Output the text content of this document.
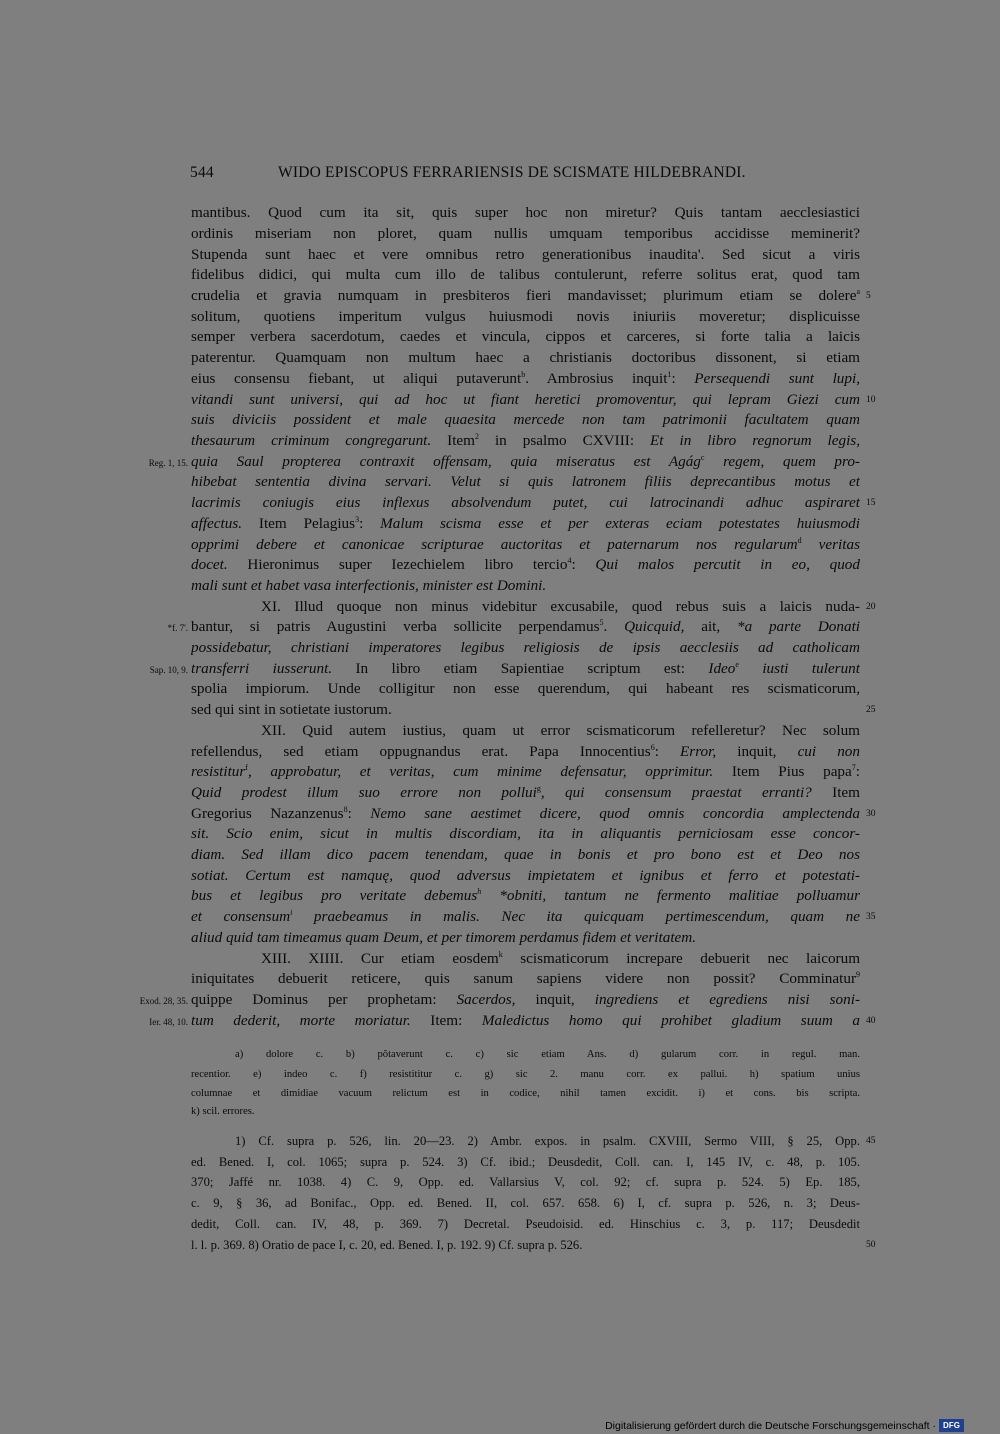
544	WIDO EPISCOPUS FERRARIENSIS DE SCISMATE HILDEBRANDI.
mantibus. Quod cum ita sit, quis super hoc non miretur? Quis tantam aecclesiastici
ordinis miseriam non ploret, quam nullis umquam temporibus accidisse meminerit?
Stupenda sunt haec et vere omnibus retro generationibus inaudita'. Sed sicut a viris
fidelibus didici, qui multa cum illo de talibus contulerunt, referre solitus erat, quod tam
crudelia et gravia numquam in presbiteros fieri mandavisset; plurimum etiam se dolere$^a$
solitum, quotiens imperitum vulgus huiusmodi novis iniuriis moveretur; displicuisse
semper verbera sacerdotum, caedes et vincula, cippos et carceres, si forte talia a laicis
paterentur. Quamquam non multum haec a christianis doctoribus dissonent, si etiam
eius consensu fiebant, ut aliqui putaverunt$^b$. Ambrosius inquit$^1$: Persequendi sunt lupi,
vitandi sunt universi, qui ad hoc ut fiant heretici promoventur, qui lepram Giezi cum
suis diviciis possident et male quaesita mercede non tam patrimonii facultatem quam
thesaurum criminum congregarunt. Item$^2$ in psalmo CXVIII: Et in libro regnorum legis,
quia Saul propterea contraxit offensam, quia miseratus est Agág$^c$ regem, quem pro-
hibebat sententia divina servari. Velut si quis latronem filiis deprecantibus motus et
lacrimis coniugis eius inflexus absolvendum putet, cui latrocinandi adhuc aspiraret
affectus. Item Pelagius$^3$: Malum scisma esse et per exteras eciam potestates huiusmodi
opprimi debere et canonicae scripturae auctoritas et paternarum nos regularum$^d$ veritas
docet. Hieronimus super Iezechielem libro tercio$^4$: Qui malos percutit in eo, quod
mali sunt et habet vasa interfectionis, minister est Domini.
XI. Illud quoque non minus videbitur excusabile, quod rebus suis a laicis nuda-
bantur, si patris Augustini verba sollicite perpendamus$^5$. Quicquid, ait, *a parte Donati
possidebatur, christiani imperatores legibus religiosis de ipsis aecclesiis ad catholicam
transferri iusserunt. In libro etiam Sapientiae scriptum est: Ideo$^e$ iusti tulerunt
spolia impiorum. Unde colligitur non esse querendum, qui habeant res scismaticorum,
sed qui sint in sotietate iustorum.
XII. Quid autem iustius, quam ut error scismaticorum refelleretur? Nec solum
refellendus, sed etiam oppugnandus erat. Papa Innocentius$^6$: Error, inquit, cui non
resistitur$^f$, approbatur, et veritas, cum minime defensatur, opprimitur. Item Pius papa$^7$:
Quid prodest illum suo errore non pollui$^g$, qui consensum praestat erranti? Item
Gregorius Nazanzenus$^8$: Nemo sane aestimet dicere, quod omnis concordia amplectenda
sit. Scio enim, sicut in multis discordiam, ita in aliquantis perniciosam esse concor-
diam. Sed illam dico pacem tenendam, quae in bonis et pro bono est et Deo nos
sotiat. Certum est namquę, quod adversus impietatem et ignibus et ferro et potestati-
bus et legibus pro veritate debemus$^h$ *obniti, tantum ne fermento malitiae polluamur
et consensum$^i$ praebeamus in malis. Nec ita quicquam pertimescendum, quam ne
aliud quid tam timeamus quam Deum, et per timorem perdamus fidem et veritatem.
XIII. XIIII. Cur etiam eosdem$^k$ scismaticorum increpare debuerit nec laicorum
iniquitates debuerit reticere, quis sanum sapiens videre non possit? Comminatur$^9$
quippe Dominus per prophetam: Sacerdos, inquit, ingrediens et egrediens nisi soni-
tum dederit, morte moriatur. Item: Maledictus homo qui prohibet gladium suum a
5
10
15
20
25
30
35
40
45
50
Reg. 1, 15.
*f. 7'.
Sap. 10, 9.
Exod. 28, 35.
Ier. 48, 10.
a) dolore c. b) pŏtaverunt c. c) sic etiam Ans. d) gularum corr. in regul. man.
recentior. e) indeo c. f) resistititur c. g) sic 2. manu corr. ex pallui. h) spatium unius
columnae et dimidiae vacuum relictum est in codice, nihil tamen excidit. i) et cons. bis scripta.
k) scil. errores.
1) Cf. supra p. 526, lin. 20—23. 2) Ambr. expos. in psalm. CXVIII, Sermo VIII, § 25, Opp.
ed. Bened. I, col. 1065; supra p. 524. 3) Cf. ibid.; Deusdedit, Coll. can. I, 145 IV, c. 48, p. 105.
370; Jaffé nr. 1038. 4) C. 9, Opp. ed. Vallarsius V, col. 92; cf. supra p. 524. 5) Ep. 185,
c. 9, § 36, ad Bonifac., Opp. ed. Bened. II, col. 657. 658. 6) I, cf. supra p. 526, n. 3; Deus-
dedit, Coll. can. IV, 48, p. 369. 7) Decretal. Pseudoisid. ed. Hinschius c. 3, p. 117; Deusdedit
l. l. p. 369. 8) Oratio de pace I, c. 20, ed. Bened. I, p. 192. 9) Cf. supra p. 526.
Digitalisierung gefördert durch die Deutsche Forschungsgemeinschaft · DFG
